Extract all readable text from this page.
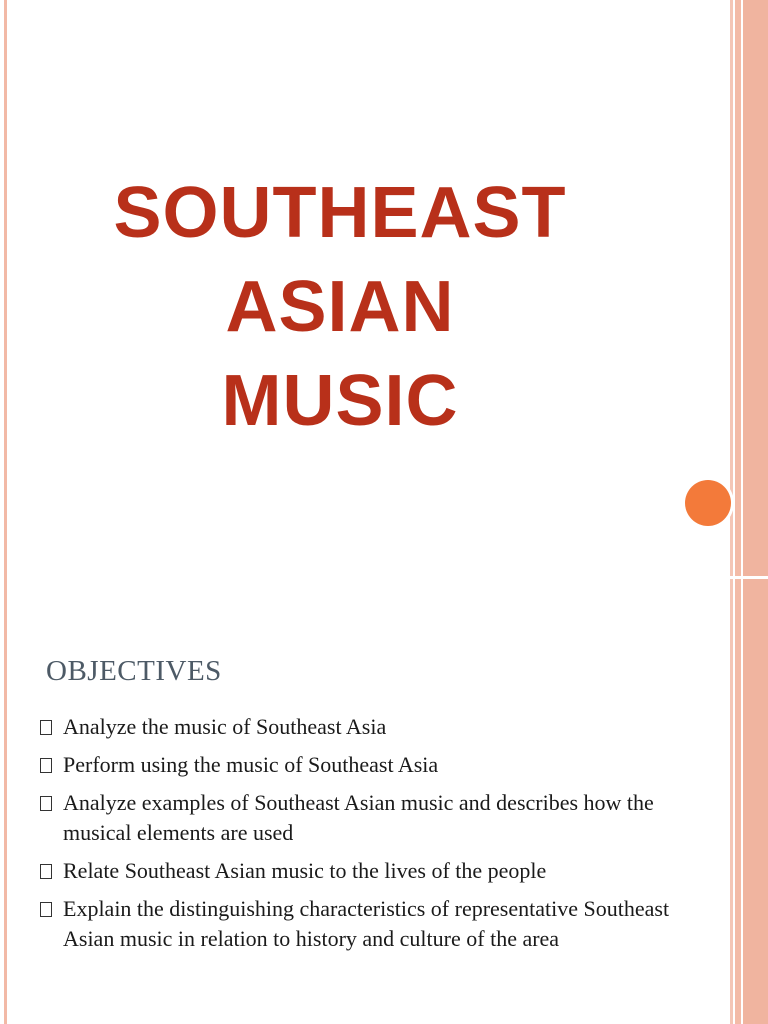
SOUTHEAST
ASIAN
MUSIC
OBJECTIVES
Analyze the music of Southeast Asia
Perform using the music of Southeast Asia
Analyze examples of Southeast Asian music and describes how the musical elements are used
Relate Southeast Asian music to the lives of the people
Explain the distinguishing characteristics of representative Southeast Asian music in relation to history and culture of the area
